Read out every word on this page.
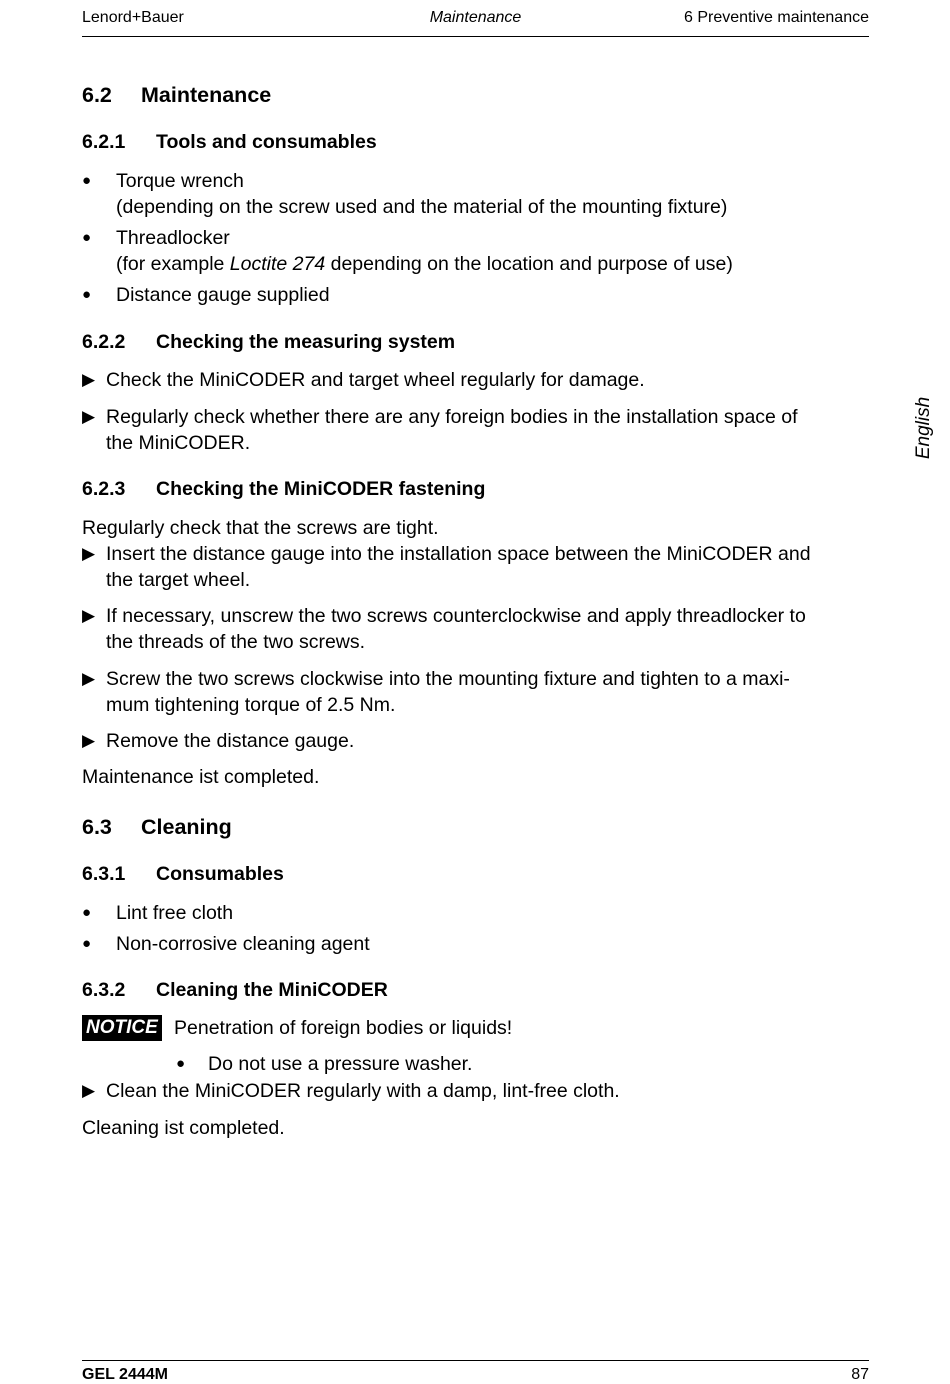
Lenord+Bauer	Maintenance	6 Preventive maintenance
English
6.2 Maintenance
6.2.1 Tools and consumables
● Torque wrench
(depending on the screw used and the material of the mounting fixture)
● Threadlocker
(for example Loctite 274 depending on the location and purpose of use)
● Distance gauge supplied
6.2.2 Checking the measuring system
▶ Check the MiniCODER and target wheel regularly for damage.
▶ Regularly check whether there are any foreign bodies in the installation space of
the MiniCODER.
6.2.3 Checking the MiniCODER fastening
Regularly check that the screws are tight.
▶ Insert the distance gauge into the installation space between the MiniCODER and
the target wheel.
▶ If necessary, unscrew the two screws counterclockwise and apply threadlocker to
the threads of the two screws.
▶ Screw the two screws clockwise into the mounting fixture and tighten to a maxi-
mum tightening torque of 2.5 Nm.
▶ Remove the distance gauge.
Maintenance ist completed.
6.3 Cleaning
6.3.1 Consumables
● Lint free cloth
● Non-corrosive cleaning agent
6.3.2 Cleaning the MiniCODER
NOTICE Penetration of foreign bodies or liquids!
● Do not use a pressure washer.
▶ Clean the MiniCODER regularly with a damp, lint-free cloth.
Cleaning ist completed.
GEL 2444M	87
